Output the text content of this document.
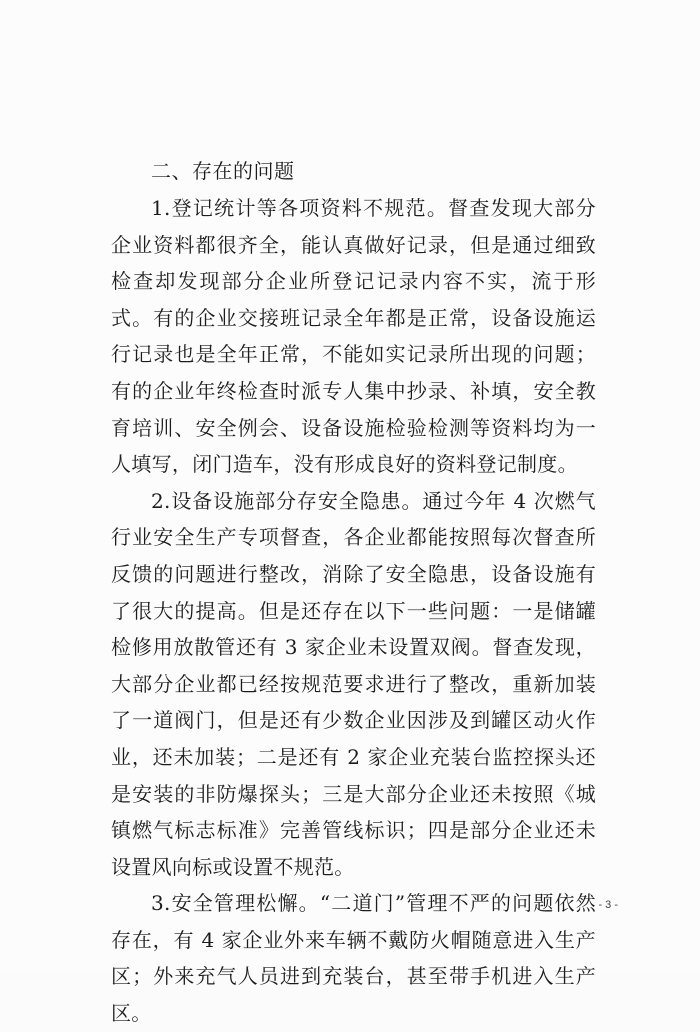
二、存在的问题

1.登记统计等各项资料不规范。督查发现大部分企业资料都很齐全，能认真做好记录，但是通过细致检查却发现部分企业所登记记录内容不实，流于形式。有的企业交接班记录全年都是正常，设备设施运行记录也是全年正常，不能如实记录所出现的问题；有的企业年终检查时派专人集中抄录、补填，安全教育培训、安全例会、设备设施检验检测等资料均为一人填写，闭门造车，没有形成良好的资料登记制度。

2.设备设施部分存安全隐患。通过今年 4 次燃气行业安全生产专项督查，各企业都能按照每次督查所反馈的问题进行整改，消除了安全隐患，设备设施有了很大的提高。但是还存在以下一些问题：一是储罐检修用放散管还有 3 家企业未设置双阀。督查发现，大部分企业都已经按规范要求进行了整改，重新加装了一道阀门，但是还有少数企业因涉及到罐区动火作业，还未加装；二是还有 2 家企业充装台监控探头还是安装的非防爆探头；三是大部分企业还未按照《城镇燃气标志标准》完善管线标识；四是部分企业还未设置风向标或设置不规范。

3.安全管理松懈。“二道门”管理不严的问题依然存在，有 4 家企业外来车辆不戴防火帽随意进入生产区；外来充气人员进到充装台，甚至带手机进入生产区。

- 3 -
